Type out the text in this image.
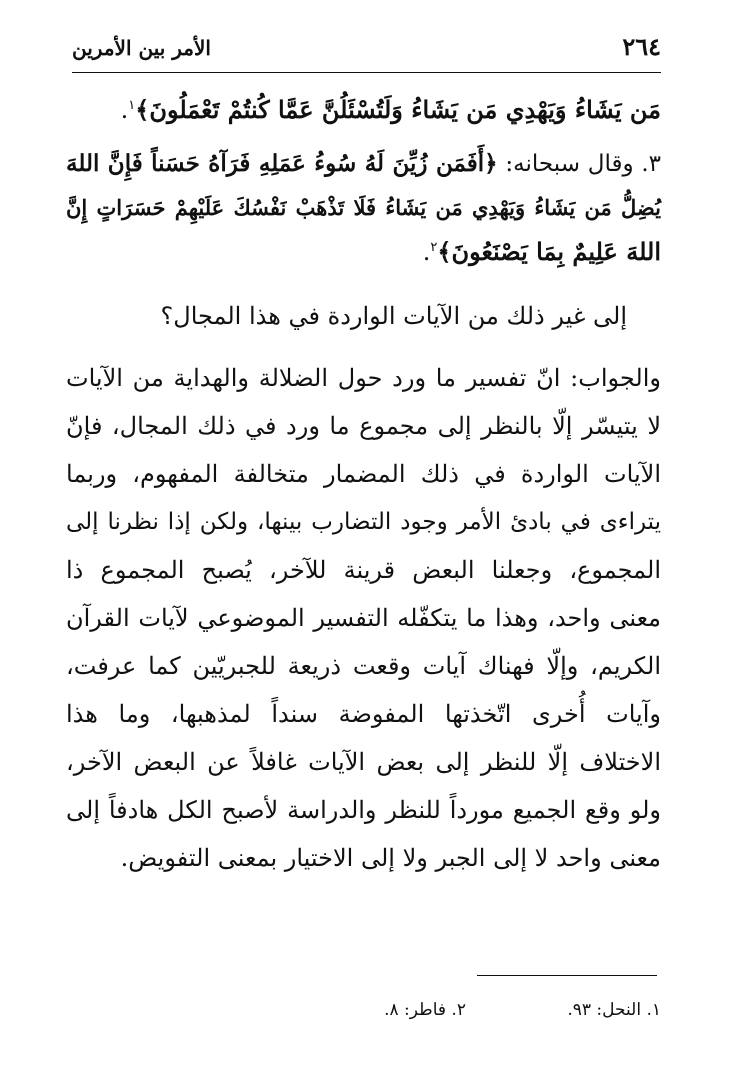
٢٦٤
الأمر بين الأمرين
مَن يَشَاءُ وَيَهْدِي مَن يَشَاءُ وَلَتُسْئَلُنَّ عَمَّا كُنتُمْ تَعْمَلُونَ﴾$^١$.
٣. وقال سبحانه: ﴿أَفَمَن زُيِّنَ لَهُ سُوءُ عَمَلِهِ فَرَآهُ حَسَناً فَإِنَّ اللهَ
يُضِلُّ مَن يَشَاءُ وَيَهْدِي مَن يَشَاءُ فَلَا تَذْهَبْ نَفْسُكَ عَلَيْهِمْ حَسَرَاتٍ إِنَّ
اللهَ عَلِيمٌ بِمَا يَصْنَعُونَ﴾$^٢$.
إلى غير ذلك من الآيات الواردة في هذا المجال؟
والجواب: انّ تفسير ما ورد حول الضلالة والهداية من الآيات
لا يتيسّر إلّا بالنظر إلى مجموع ما ورد في ذلك المجال، فإنّ
الآيات الواردة في ذلك المضمار متخالفة المفهوم، وربما
يتراءى في بادئ الأمر وجود التضارب بينها، ولكن إذا نظرنا إلى
المجموع، وجعلنا البعض قرينة للآخر، يُصبح المجموع ذا
معنى واحد، وهذا ما يتكفّله التفسير الموضوعي لآيات القرآن
الكريم، وإلّا فهناك آيات وقعت ذريعة للجبريّين كما عرفت،
وآيات أُخرى اتّخذتها المفوضة سنداً لمذهبها، وما هذا
الاختلاف إلّا للنظر إلى بعض الآيات غافلاً عن البعض الآخر،
ولو وقع الجميع مورداً للنظر والدراسة لأصبح الكل هادفاً إلى
معنى واحد لا إلى الجبر ولا إلى الاختيار بمعنى التفويض.
١. النحل: ٩٣. ٢. فاطر: ٨.
